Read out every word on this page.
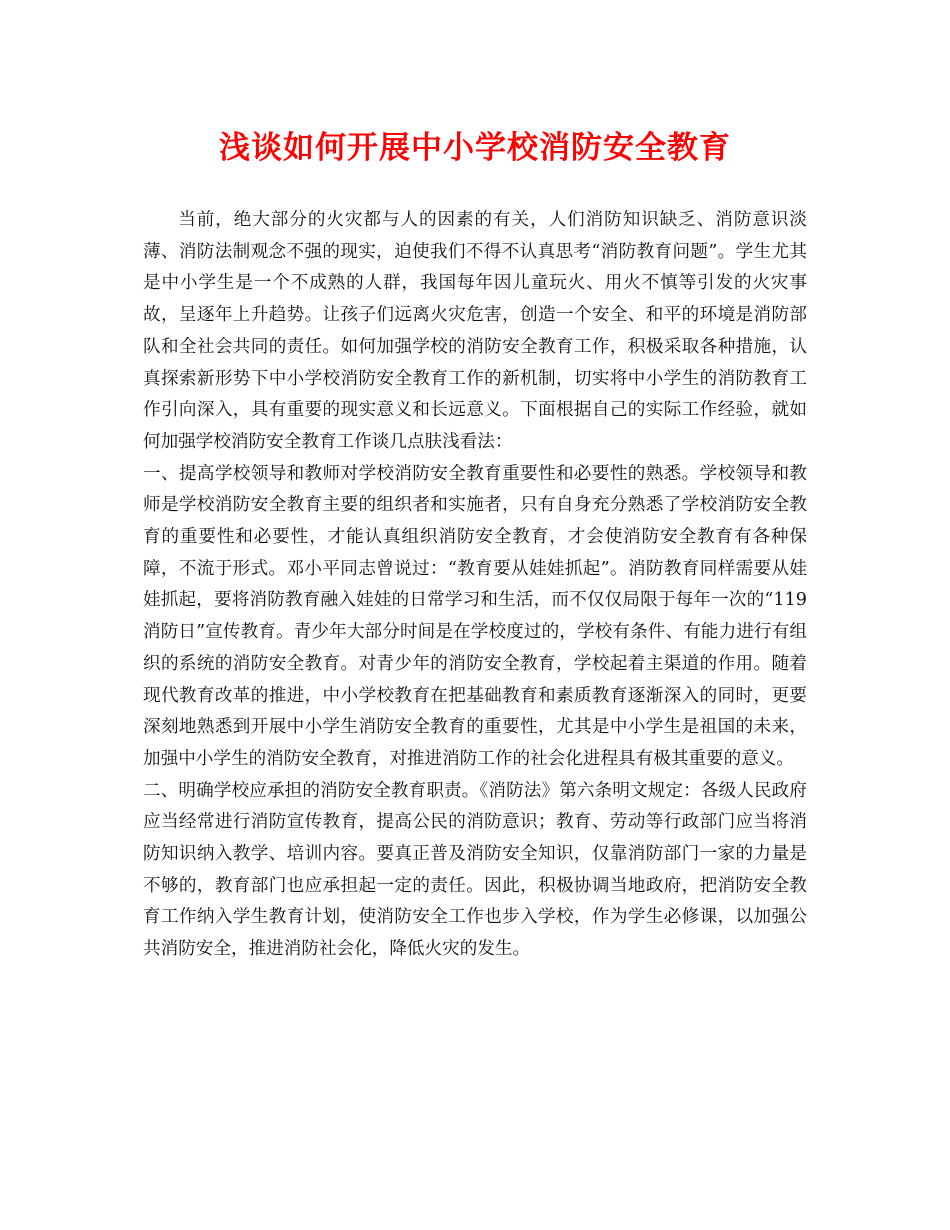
浅谈如何开展中小学校消防安全教育

当前，绝大部分的火灾都与人的因素的有关，人们消防知识缺乏、消防意识淡薄、消防法制观念不强的现实，迫使我们不得不认真思考“消防教育问题”。学生尤其是中小学生是一个不成熟的人群，我国每年因儿童玩火、用火不慎等引发的火灾事故，呈逐年上升趋势。让孩子们远离火灾危害，创造一个安全、和平的环境是消防部队和全社会共同的责任。如何加强学校的消防安全教育工作，积极采取各种措施，认真探索新形势下中小学校消防安全教育工作的新机制，切实将中小学生的消防教育工作引向深入，具有重要的现实意义和长远意义。下面根据自己的实际工作经验，就如何加强学校消防安全教育工作谈几点肤浅看法：

一、提高学校领导和教师对学校消防安全教育重要性和必要性的熟悉。学校领导和教师是学校消防安全教育主要的组织者和实施者，只有自身充分熟悉了学校消防安全教育的重要性和必要性，才能认真组织消防安全教育，才会使消防安全教育有各种保障，不流于形式。邓小平同志曾说过：“教育要从娃娃抓起”。消防教育同样需要从娃娃抓起，要将消防教育融入娃娃的日常学习和生活，而不仅仅局限于每年一次的“119消防日”宣传教育。青少年大部分时间是在学校度过的，学校有条件、有能力进行有组织的系统的消防安全教育。对青少年的消防安全教育，学校起着主渠道的作用。随着现代教育改革的推进，中小学校教育在把基础教育和素质教育逐渐深入的同时，更要深刻地熟悉到开展中小学生消防安全教育的重要性，尤其是中小学生是祖国的未来，加强中小学生的消防安全教育，对推进消防工作的社会化进程具有极其重要的意义。

二、明确学校应承担的消防安全教育职责。《消防法》第六条明文规定：各级人民政府应当经常进行消防宣传教育，提高公民的消防意识；教育、劳动等行政部门应当将消防知识纳入教学、培训内容。要真正普及消防安全知识，仅靠消防部门一家的力量是不够的，教育部门也应承担起一定的责任。因此，积极协调当地政府，把消防安全教育工作纳入学生教育计划，使消防安全工作也步入学校，作为学生必修课，以加强公共消防安全，推进消防社会化，降低火灾的发生。
